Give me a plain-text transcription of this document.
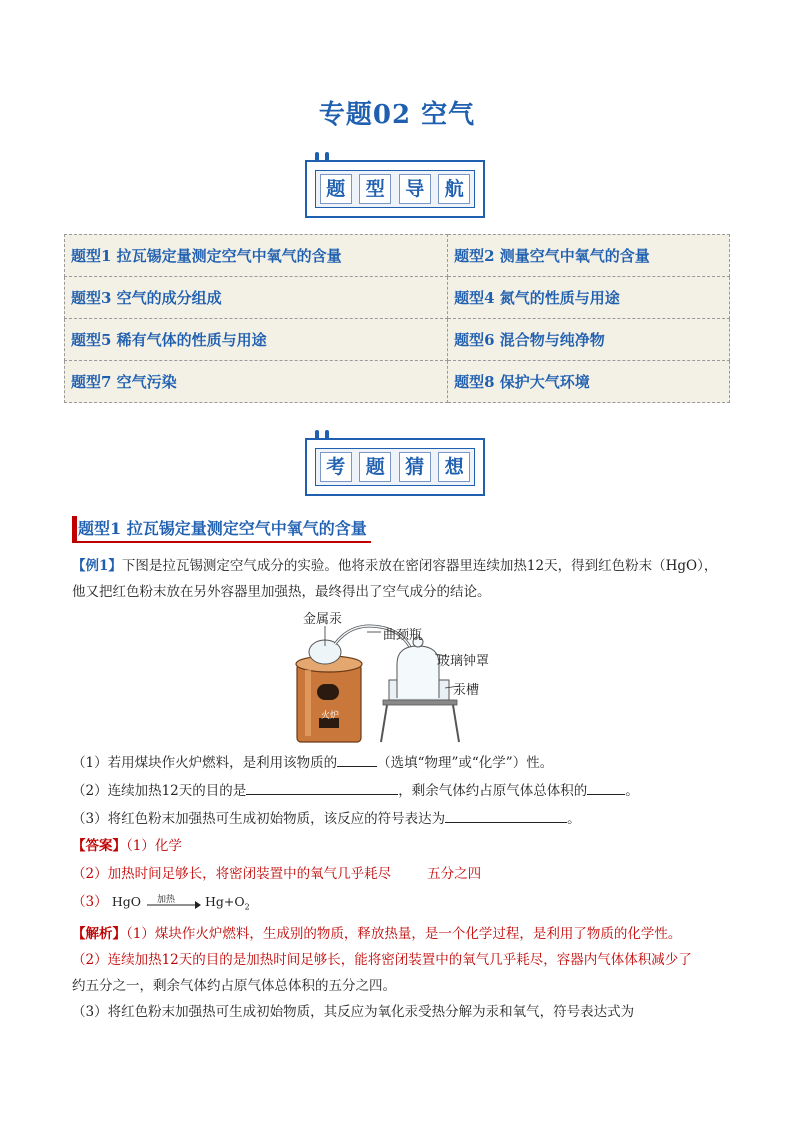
专题02 空气
题	型	导	航
题型1 拉瓦锡定量测定空气中氧气的含量	题型2 测量空气中氧气的含量
题型3 空气的成分组成	题型4 氮气的性质与用途
题型5 稀有气体的性质与用途	题型6 混合物与纯净物
题型7 空气污染	题型8 保护大气环境
考	题	猜	想
题型1 拉瓦锡定量测定空气中氧气的含量
【例1】下图是拉瓦锡测定空气成分的实验。他将汞放在密闭容器里连续加热12天，得到红色粉末（HgO），
他又把红色粉末放在另外容器里加强热，最终得出了空气成分的结论。
金属汞
曲颈瓶
玻璃钟罩
汞槽
火炉
（1）若用煤块作火炉燃料，是利用该物质的	（选填“物理”或“化学”）性。
（2）连续加热12天的目的是	，剩余气体约占原气体总体积的	。
（3）将红色粉末加强热可生成初始物质，该反应的符号表达为	。
【答案】（1）化学
（2）加热时间足够长，将密闭装置中的氧气几乎耗尽	五分之四
（3） HgO 加热 $Hg+O_2$
【解析】（1）煤块作火炉燃料，生成别的物质，释放热量，是一个化学过程，是利用了物质的化学性。
（2）连续加热12天的目的是加热时间足够长，能将密闭装置中的氧气几乎耗尽，容器内气体体积减少了
约五分之一，剩余气体约占原气体总体积的五分之四。
（3）将红色粉末加强热可生成初始物质，其反应为氧化汞受热分解为汞和氧气，符号表达式为
